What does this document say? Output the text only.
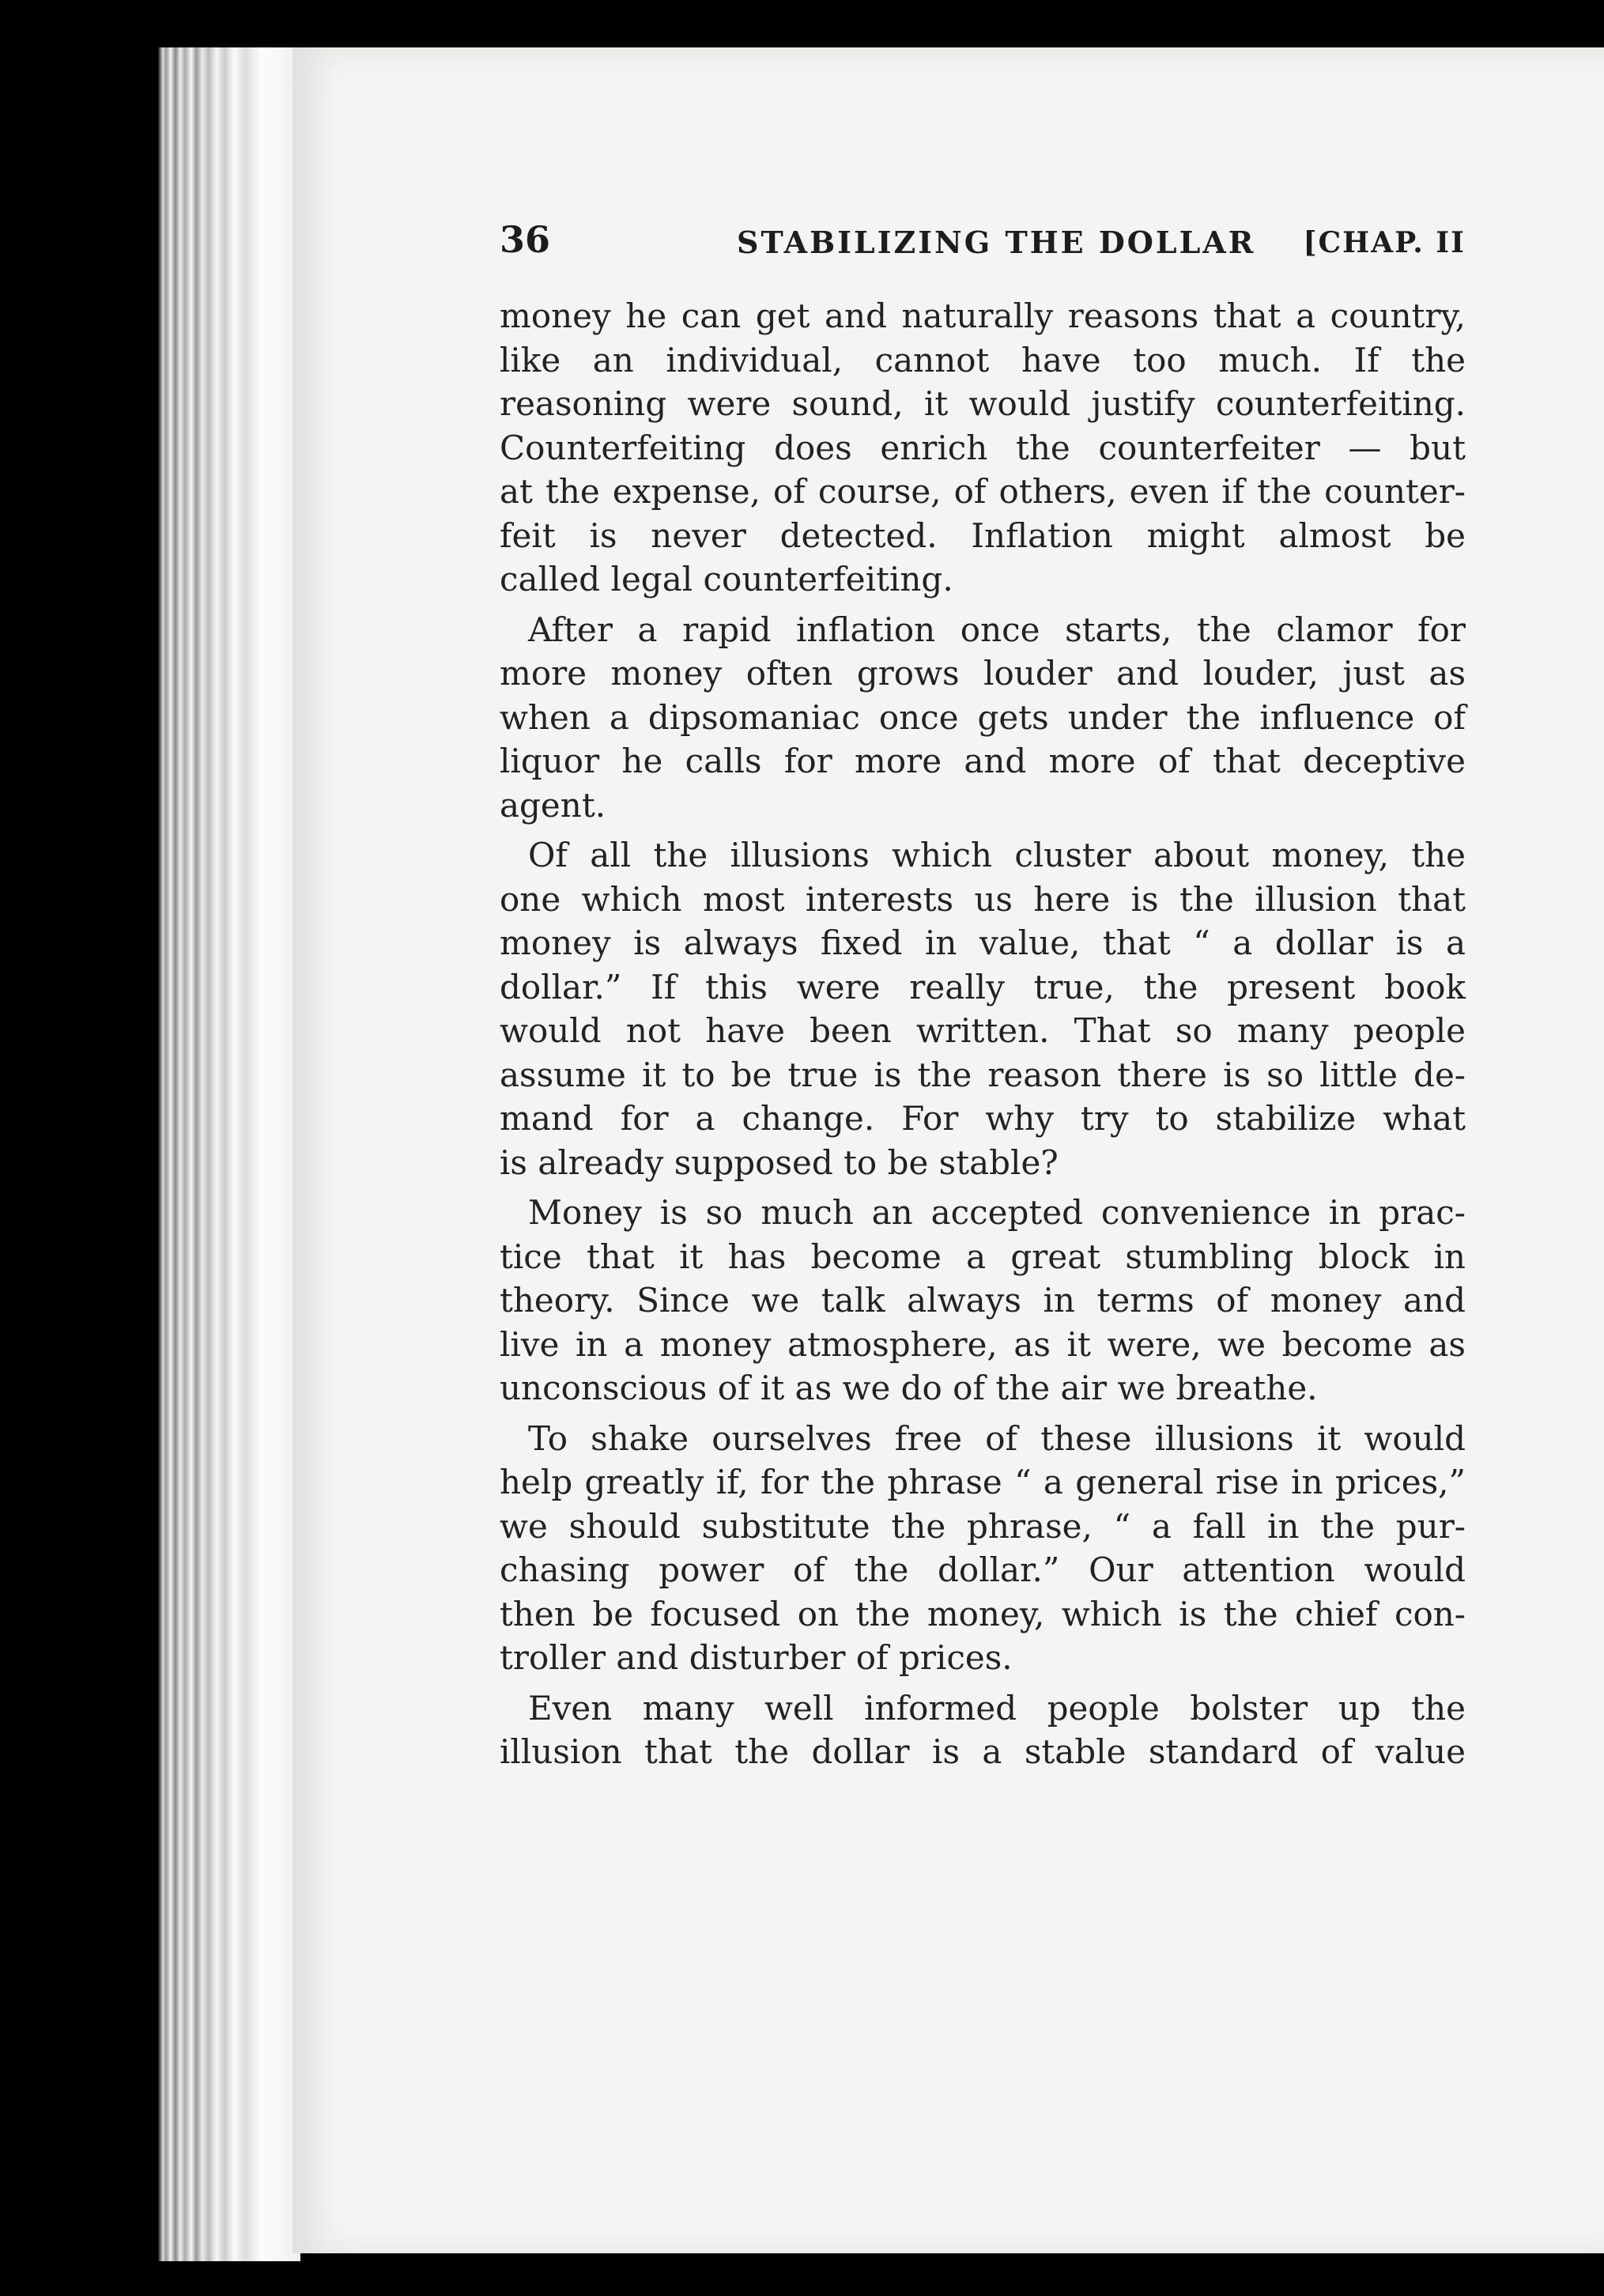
36	STABILIZING THE DOLLAR [CHAP. II
money he can get and naturally reasons that a country,
like an individual, cannot have too much. If the
reasoning were sound, it would justify counterfeiting.
Counterfeiting does enrich the counterfeiter — but
at the expense, of course, of others, even if the counter-
feit is never detected. Inflation might almost be
called legal counterfeiting.
After a rapid inflation once starts, the clamor for
more money often grows louder and louder, just as
when a dipsomaniac once gets under the influence of
liquor he calls for more and more of that deceptive
agent.
Of all the illusions which cluster about money, the
one which most interests us here is the illusion that
money is always fixed in value, that “ a dollar is a
dollar.” If this were really true, the present book
would not have been written. That so many people
assume it to be true is the reason there is so little de-
mand for a change. For why try to stabilize what
is already supposed to be stable?
Money is so much an accepted convenience in prac-
tice that it has become a great stumbling block in
theory. Since we talk always in terms of money and
live in a money atmosphere, as it were, we become as
unconscious of it as we do of the air we breathe.
To shake ourselves free of these illusions it would
help greatly if, for the phrase “ a general rise in prices,”
we should substitute the phrase, “ a fall in the pur-
chasing power of the dollar.” Our attention would
then be focused on the money, which is the chief con-
troller and disturber of prices.
Even many well informed people bolster up the
illusion that the dollar is a stable standard of value
